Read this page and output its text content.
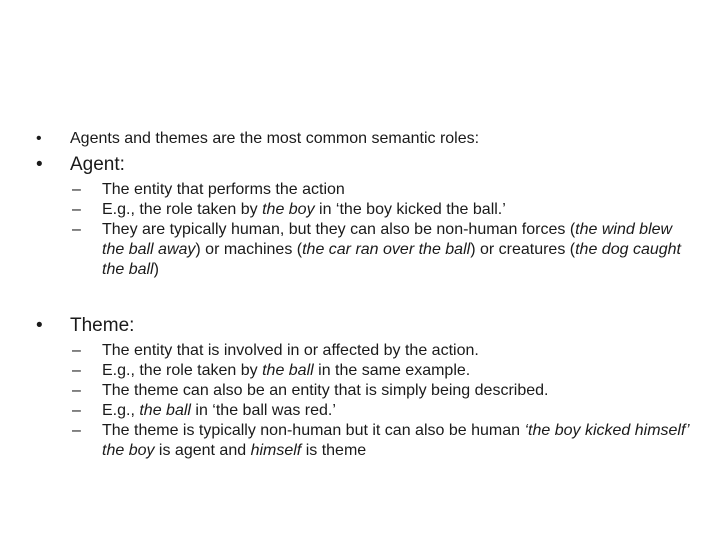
•	Agents and themes are the most common semantic roles:
•	Agent:
–	The entity that performs the action
–	E.g., the role taken by the boy in ‘the boy kicked the ball.’
–	They are typically human, but they can also be non-human forces (the wind blew the ball away) or machines (the car ran over the ball) or creatures (the dog caught the ball)
•	Theme:
–	The entity that is involved in or affected by the action.
–	E.g., the role taken by the ball in the same example.
–	The theme can also be an entity that is simply being described.
–	E.g., the ball in ‘the ball was red.’
–	The theme is typically non-human but it can also be human ‘the boy kicked himself’ the boy is agent and himself is theme
